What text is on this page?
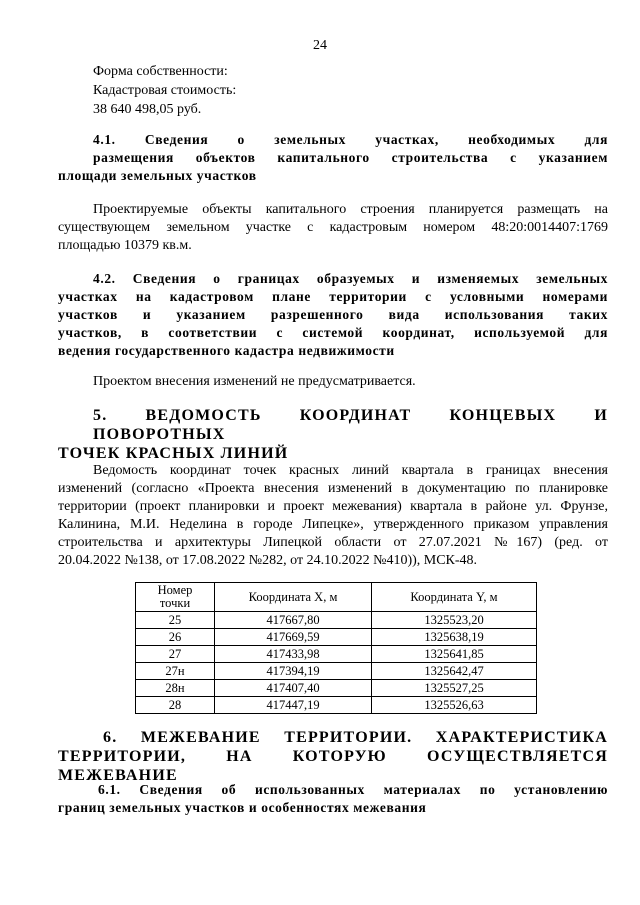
24
Форма собственности:
Кадастровая стоимость:
38 640 498,05 руб.
4.1. Сведения о земельных участках, необходимых для
размещения объектов капитального строительства с указанием
площади земельных участков
Проектируемые объекты капитального строения планируется размещать на
существующем земельном участке с кадастровым номером 48:20:0014407:1769
площадью 10379 кв.м.
4.2. Сведения о границах образуемых и изменяемых земельных
участках на кадастровом плане территории с условными номерами
участков и указанием разрешенного вида использования таких
участков, в соответствии с системой координат, используемой для
ведения государственного кадастра недвижимости
Проектом внесения изменений не предусматривается.
5. ВЕДОМОСТЬ КООРДИНАТ КОНЦЕВЫХ И ПОВОРОТНЫХ
ТОЧЕК КРАСНЫХ ЛИНИЙ
Ведомость координат точек красных линий квартала в границах внесения
изменений (согласно «Проекта внесения изменений в документацию по планировке
территории (проект планировки и проект межевания) квартала в районе ул. Фрунзе,
Калинина, М.И. Неделина в городе Липецке», утвержденного приказом управления
строительства и архитектуры Липецкой области от 27.07.2021 №167) (ред. от
20.04.2022 №138, от 17.08.2022 №282, от 24.10.2022 №410)), МСК-48.
Номер
точки	Координата X, м	Координата Y, м
25	417667,80	1325523,20
26	417669,59	1325638,19
27	417433,98	1325641,85
27н	417394,19	1325642,47
28н	417407,40	1325527,25
28	417447,19	1325526,63
6. МЕЖЕВАНИЕ ТЕРРИТОРИИ. ХАРАКТЕРИСТИКА
ТЕРРИТОРИИ, НА КОТОРУЮ ОСУЩЕСТВЛЯЕТСЯ МЕЖЕВАНИЕ
6.1. Сведения об использованных материалах по установлению
границ земельных участков и особенностях межевания
